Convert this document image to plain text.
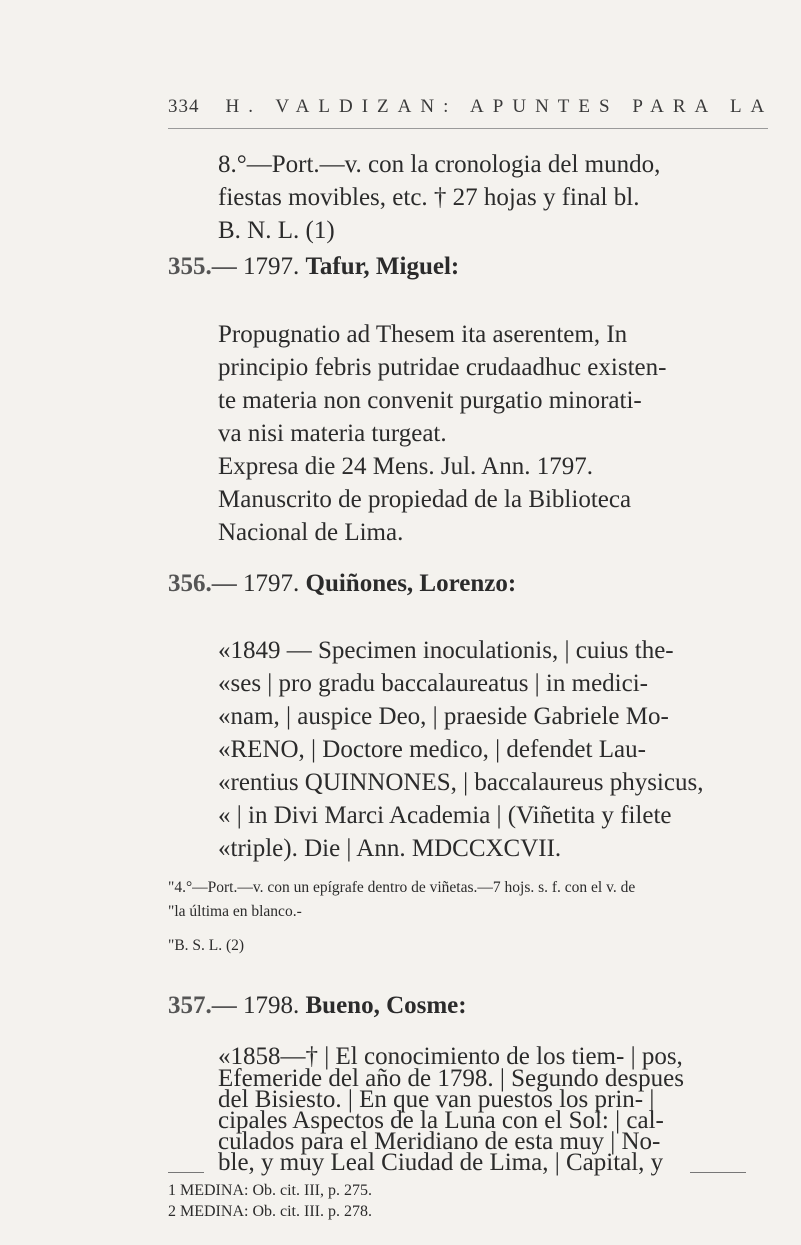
334 H. VALDIZAN: APUNTES PARA LA

8.°—Port.—v. con la cronologia del mundo,

fiestas movibles, etc. † 27 hojas y final bl.

B. N. L. (1)

355.— 1797. Tafur, Miguel:

Propugnatio ad Thesem ita aserentem, In

principio febris putridae crudaadhuc existen-

te materia non convenit purgatio minorati-

va nisi materia turgeat.

Expresa die 24 Mens. Jul. Ann. 1797.

Manuscrito de propiedad de la Biblioteca

Nacional de Lima.

356.— 1797. Quiñones, Lorenzo:

«1849 — Specimen inoculationis, | cuius the-

«ses | pro gradu baccalaureatus | in medici-

«nam, | auspice Deo, | praeside Gabriele Mo-

«RENO, | Doctore medico, | defendet Lau-

«rentius QUINNONES, | baccalaureus physicus,

« | in Divi Marci Academia | (Viñetita y filete

«triple). Die | Ann. MDCCXCVII.

"4.°—Port.—v. con un epígrafe dentro de viñetas.—7 hojs. s. f. con el v. de

"la última en blanco.-

"B. S. L. (2)

357.— 1798. Bueno, Cosme:

«1858—† | El conocimiento de los tiem- | pos,

Efemeride del año de 1798. | Segundo despues

del Bisiesto. | En que van puestos los prin- |

cipales Aspectos de la Luna con el Sol: | cal-

culados para el Meridiano de esta muy | No-

ble, y muy Leal Ciudad de Lima, | Capital, y

1 MEDINA: Ob. cit. III, p. 275.
2 MEDINA: Ob. cit. III. p. 278.
